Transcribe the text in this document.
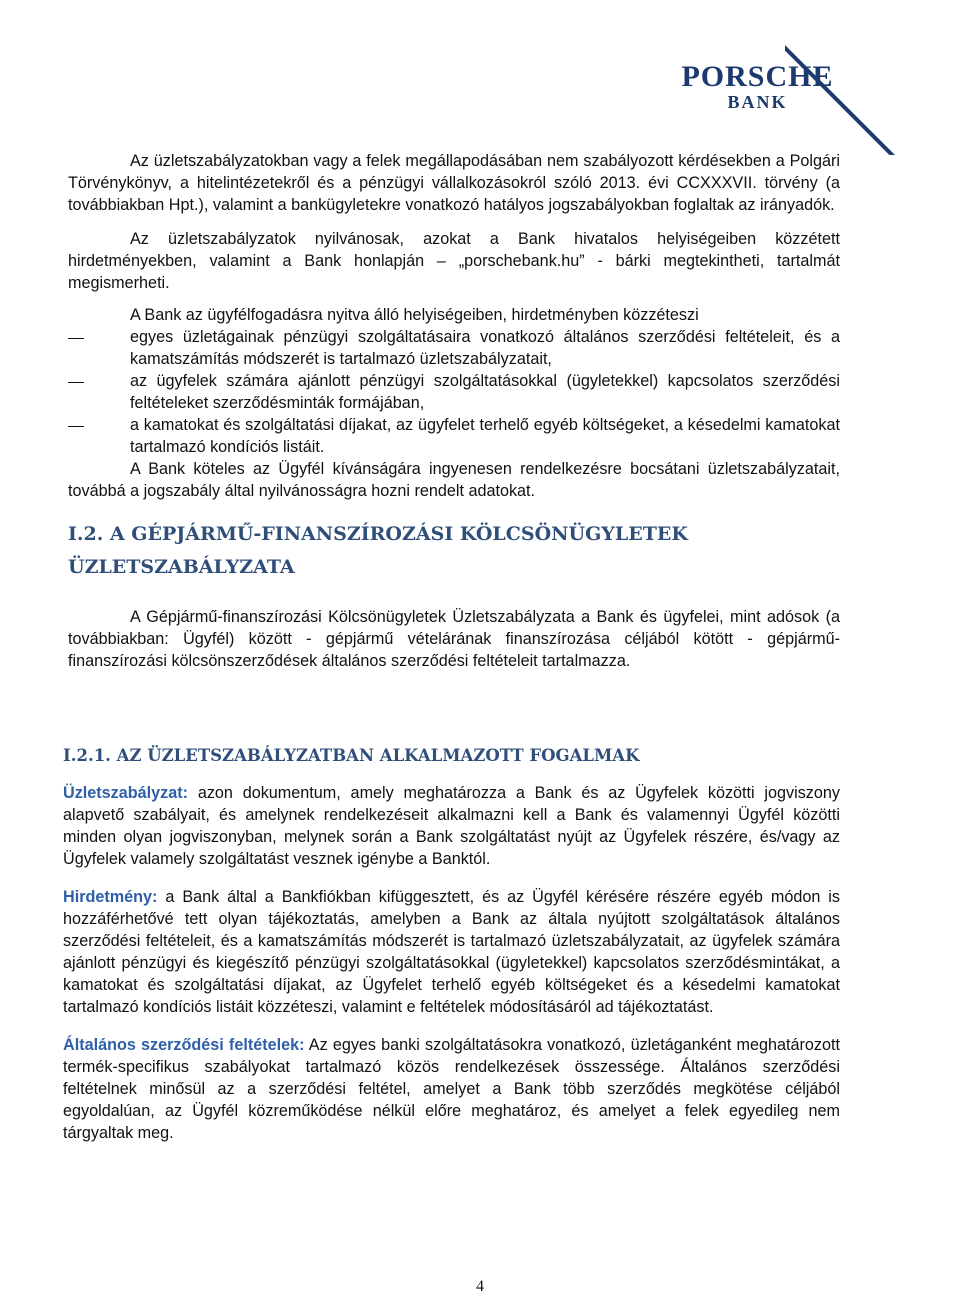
PORSCHE
BANK

Az üzletszabályzatokban vagy a felek megállapodásában nem szabályozott kérdésekben a Polgári Törvénykönyv, a hitelintézetekről és a pénzügyi vállalkozásokról szóló 2013. évi CCXXXVII. törvény (a továbbiakban Hpt.), valamint a bankügyletekre vonatkozó hatályos jogszabályokban foglaltak az irányadók.

Az üzletszabályzatok nyilvánosak, azokat a Bank hivatalos helyiségeiben közzétett hirdetményekben, valamint a Bank honlapján – „porschebank.hu” - bárki megtekintheti, tartalmát megismerheti.

A Bank az ügyfélfogadásra nyitva álló helyiségeiben, hirdetményben közzéteszi

egyes üzletágainak pénzügyi szolgáltatásaira vonatkozó általános szerződési feltételeit, és a kamatszámítás módszerét is tartalmazó üzletszabályzatait,
az ügyfelek számára ajánlott pénzügyi szolgáltatásokkal (ügyletekkel) kapcsolatos szerződési feltételeket szerződésminták formájában,
a kamatokat és szolgáltatási díjakat, az ügyfelet terhelő egyéb költségeket, a késedelmi kamatokat tartalmazó kondíciós listáit.

A Bank köteles az Ügyfél kívánságára ingyenesen rendelkezésre bocsátani üzletszabályzatait, továbbá a jogszabály által nyilvánosságra hozni rendelt adatokat.

I.2. A GÉPJÁRMŰ-FINANSZÍROZÁSI KÖLCSÖNÜGYLETEK
ÜZLETSZABÁLYZATA

A Gépjármű-finanszírozási Kölcsönügyletek Üzletszabályzata a Bank és ügyfelei, mint adósok (a továbbiakban: Ügyfél) között - gépjármű vételárának finanszírozása céljából kötött - gépjármű-finanszírozási kölcsönszerződések általános szerződési feltételeit tartalmazza.

I.2.1. AZ ÜZLETSZABÁLYZATBAN ALKALMAZOTT FOGALMAK

Üzletszabályzat: azon dokumentum, amely meghatározza a Bank és az Ügyfelek közötti jogviszony alapvető szabályait, és amelynek rendelkezéseit alkalmazni kell a Bank és valamennyi Ügyfél közötti minden olyan jogviszonyban, melynek során a Bank szolgáltatást nyújt az Ügyfelek részére, és/vagy az Ügyfelek valamely szolgáltatást vesznek igénybe a Banktól.

Hirdetmény: a Bank által a Bankfiókban kifüggesztett, és az Ügyfél kérésére részére egyéb módon is hozzáférhetővé tett olyan tájékoztatás, amelyben a Bank az általa nyújtott szolgáltatások általános szerződési feltételeit, és a kamatszámítás módszerét is tartalmazó üzletszabályzatait, az ügyfelek számára ajánlott pénzügyi és kiegészítő pénzügyi szolgáltatásokkal (ügyletekkel) kapcsolatos szerződésmintákat, a kamatokat és szolgáltatási díjakat, az Ügyfelet terhelő egyéb költségeket és a késedelmi kamatokat tartalmazó kondíciós listáit közzéteszi, valamint e feltételek módosításáról ad tájékoztatást.

Általános szerződési feltételek: Az egyes banki szolgáltatásokra vonatkozó, üzletáganként meghatározott termék-specifikus szabályokat tartalmazó közös rendelkezések összessége. Általános szerződési feltételnek minősül az a szerződési feltétel, amelyet a Bank több szerződés megkötése céljából egyoldalúan, az Ügyfél közreműködése nélkül előre meghatároz, és amelyet a felek egyedileg nem tárgyaltak meg.

4
